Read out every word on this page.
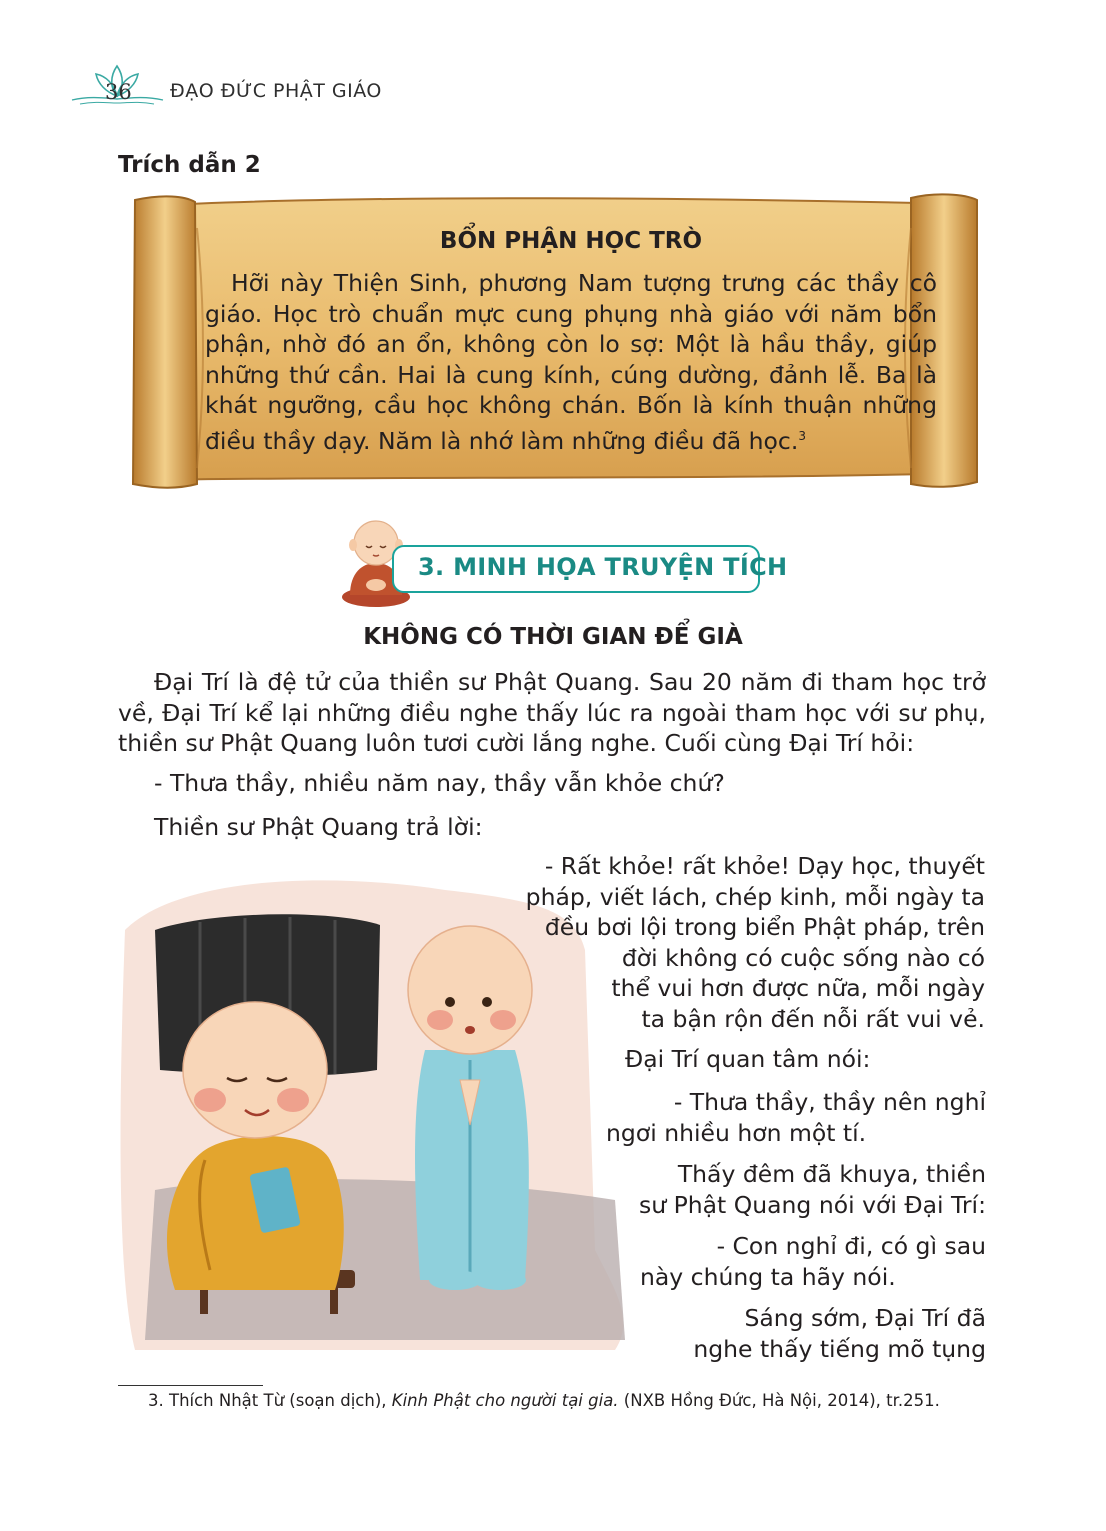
36 ĐẠO ĐỨC PHẬT GIÁO
Trích dẫn 2
BỔN PHẬN HỌC TRÒ

Hỡi này Thiện Sinh, phương Nam tượng trưng các thầy cô giáo. Học trò chuẩn mực cung phụng nhà giáo với năm bổn phận, nhờ đó an ổn, không còn lo sợ: Một là hầu thầy, giúp những thứ cần. Hai là cung kính, cúng dường, đảnh lễ. Ba là khát ngưỡng, cầu học không chán. Bốn là kính thuận những điều thầy dạy. Năm là nhớ làm những điều đã học.$^3$

3. MINH HỌA TRUYỆN TÍCH
KHÔNG CÓ THỜI GIAN ĐỂ GIÀ
Đại Trí là đệ tử của thiền sư Phật Quang. Sau 20 năm đi tham học trở về, Đại Trí kể lại những điều nghe thấy lúc ra ngoài tham học với sư phụ, thiền sư Phật Quang luôn tươi cười lắng nghe. Cuối cùng Đại Trí hỏi:
- Thưa thầy, nhiều năm nay, thầy vẫn khỏe chứ?
Thiền sư Phật Quang trả lời:
- Rất khỏe! rất khỏe! Dạy học, thuyết
pháp, viết lách, chép kinh, mỗi ngày ta
đều bơi lội trong biển Phật pháp, trên
đời không có cuộc sống nào có
thể vui hơn được nữa, mỗi ngày
ta bận rộn đến nỗi rất vui vẻ.
Đại Trí quan tâm nói:
- Thưa thầy, thầy nên nghỉ
ngơi nhiều hơn một tí.
Thấy đêm đã khuya, thiền
sư Phật Quang nói với Đại Trí:
- Con nghỉ đi, có gì sau
này chúng ta hãy nói.
Sáng sớm, Đại Trí đã
nghe thấy tiếng mõ tụng

3. Thích Nhật Từ (soạn dịch), Kinh Phật cho người tại gia. (NXB Hồng Đức, Hà Nội, 2014), tr.251.
